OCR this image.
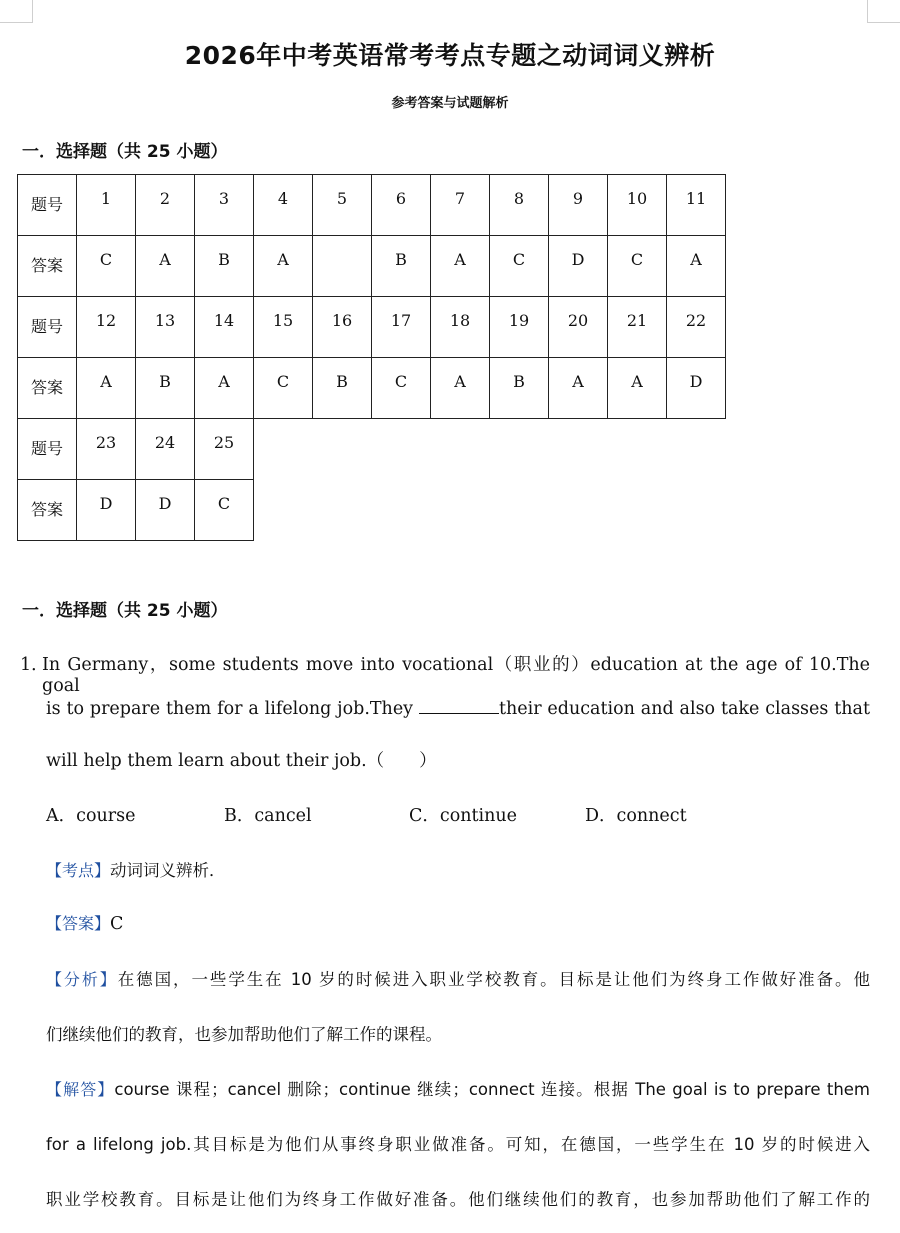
2026年中考英语常考考点专题之动词词义辨析
参考答案与试题解析
一．选择题（共 25 小题）
题号	1	2	3	4	5	6	7	8	9	10	11
答案	C	A	B	A		B	A	C	D	C	A
题号	12	13	14	15	16	17	18	19	20	21	22
答案	A	B	A	C	B	C	A	B	A	A	D
题号	23	24	25								
答案	D	D	C								
一．选择题（共 25 小题）
1．
In Germany，some students move into vocational（职业的）education at the age of 10.The goal
is to prepare them for a lifelong job.They	their education and also take classes that
will help them learn about their job.（　　）
A．course	B．cancel	C．continue	D．connect
【考点】动词词义辨析．
【答案】C
【分析】在德国，一些学生在 10 岁的时候进入职业学校教育。目标是让他们为终身工作做好准备。他
们继续他们的教育，也参加帮助他们了解工作的课程。
【解答】course 课程；cancel 删除；continue 继续；connect 连接。根据 The goal is to prepare them
for a lifelong job.其目标是为他们从事终身职业做准备。可知，在德国，一些学生在 10 岁的时候进入
职业学校教育。目标是让他们为终身工作做好准备。他们继续他们的教育，也参加帮助他们了解工作的
